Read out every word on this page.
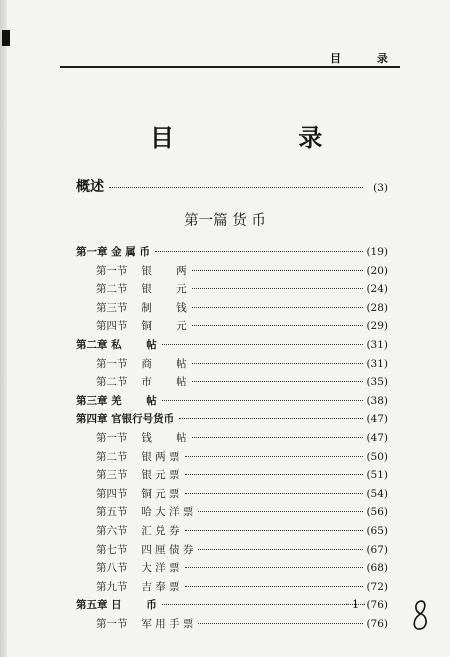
目 录
目 录
概述	(3)
第一篇 货 币
第一章 金 属 币	(19)
第一节　 银　　 两	(20)
第二节　 银　　 元	(24)
第三节　 制　　 钱	(28)
第四节　 铜　　 元	(29)
第二章 私　　 帖	(31)
第一节　 商　　 帖	(31)
第二节　 市　　 帖	(35)
第三章 羌　　 帖	(38)
第四章 官银行号货币	(47)
第一节　 钱　　 帖	(47)
第二节　 银 两 票	(50)
第三节　 银 元 票	(51)
第四节　 铜 元 票	(54)
第五节　 哈 大 洋 票	(56)
第六节　 汇 兑 券	(65)
第七节　 四 厘 债 券	(67)
第八节　 大 洋 票	(68)
第九节　 吉 奉 票	(72)
第五章 日　　 币	(76)
第一节　 军 用 手 票	(76)
· 1 ·
